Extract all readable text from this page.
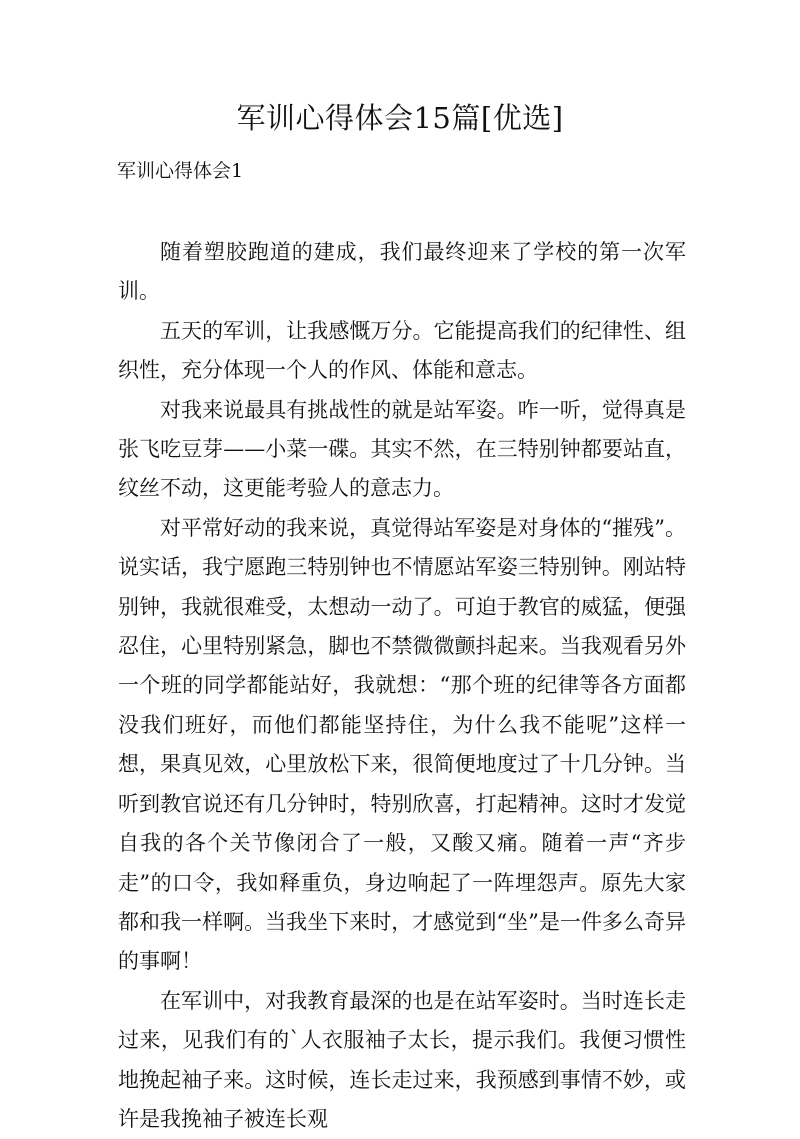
军训心得体会15篇[优选]
军训心得体会1

随着塑胶跑道的建成，我们最终迎来了学校的第一次军训。

五天的军训，让我感慨万分。它能提高我们的纪律性、组织性，充分体现一个人的作风、体能和意志。

对我来说最具有挑战性的就是站军姿。咋一听，觉得真是张飞吃豆芽——小菜一碟。其实不然，在三特别钟都要站直，纹丝不动，这更能考验人的意志力。

对平常好动的我来说，真觉得站军姿是对身体的“摧残”。说实话，我宁愿跑三特别钟也不情愿站军姿三特别钟。刚站特别钟，我就很难受，太想动一动了。可迫于教官的威猛，便强忍住，心里特别紧急，脚也不禁微微颤抖起来。当我观看另外一个班的同学都能站好，我就想：“那个班的纪律等各方面都没我们班好，而他们都能坚持住，为什么我不能呢”这样一想，果真见效，心里放松下来，很简便地度过了十几分钟。当听到教官说还有几分钟时，特别欣喜，打起精神。这时才发觉自我的各个关节像闭合了一般，又酸又痛。随着一声“齐步走”的口令，我如释重负，身边响起了一阵埋怨声。原先大家都和我一样啊。当我坐下来时，才感觉到“坐”是一件多么奇异的事啊！

在军训中，对我教育最深的也是在站军姿时。当时连长走过来，见我们有的`人衣服袖子太长，提示我们。我便习惯性地挽起袖子来。这时候，连长走过来，我预感到事情不妙，或许是我挽袖子被连长观
